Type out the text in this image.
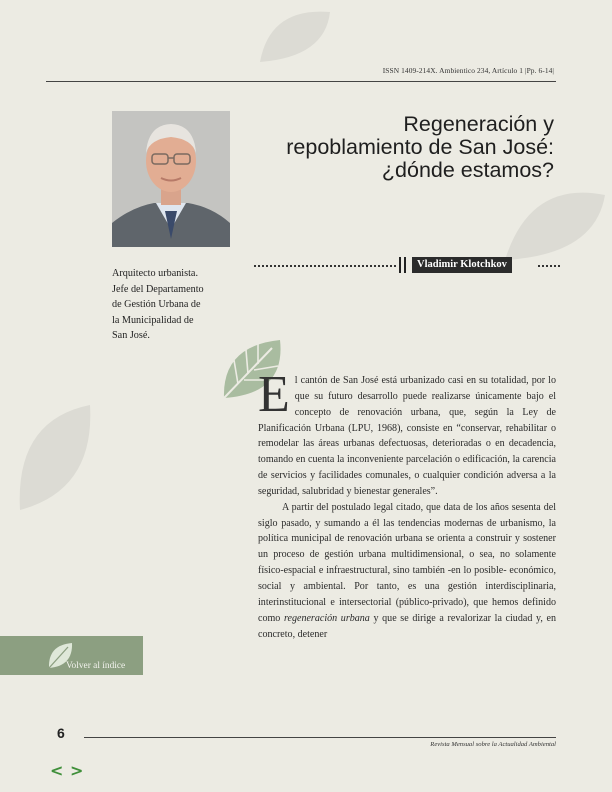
ISSN 1409-214X. Ambientico 234, Artículo 1 |Pp. 6-14|
Regeneración y
repoblamiento de San José:
¿dónde estamos?
Vladimir Klotchkov
Arquitecto urbanista.
Jefe del Departamento
de Gestión Urbana de
la Municipalidad de
San José.

El cantón de San José está urbanizado casi en su totalidad, por lo que su futuro desarrollo puede realizarse únicamente bajo el concepto de renovación urbana, que, según la Ley de Planificación Urbana (LPU, 1968), consiste en “conservar, rehabilitar o remodelar las áreas urbanas defectuosas, deterioradas o en decadencia, tomando en cuenta la inconveniente parcelación o edificación, la carencia de servicios y facilidades comunales, o cualquier condición adversa a la seguridad, salubridad y bienestar generales”.

A partir del postulado legal citado, que data de los años sesenta del siglo pasado, y sumando a él las tendencias modernas de urbanismo, la política municipal de renovación urbana se orienta a construir y sostener un proceso de gestión urbana multidimensional, o sea, no solamente físico-espacial e infraestructural, sino también -en lo posible- económico, social y ambiental. Por tanto, es una gestión interdisciplinaria, interinstitucional e intersectorial (público-privado), que hemos definido como regeneración urbana y que se dirige a revalorizar la ciudad y, en concreto, detener

Volver al índice
6
Revista Mensual sobre la Actualidad Ambiental
< >
